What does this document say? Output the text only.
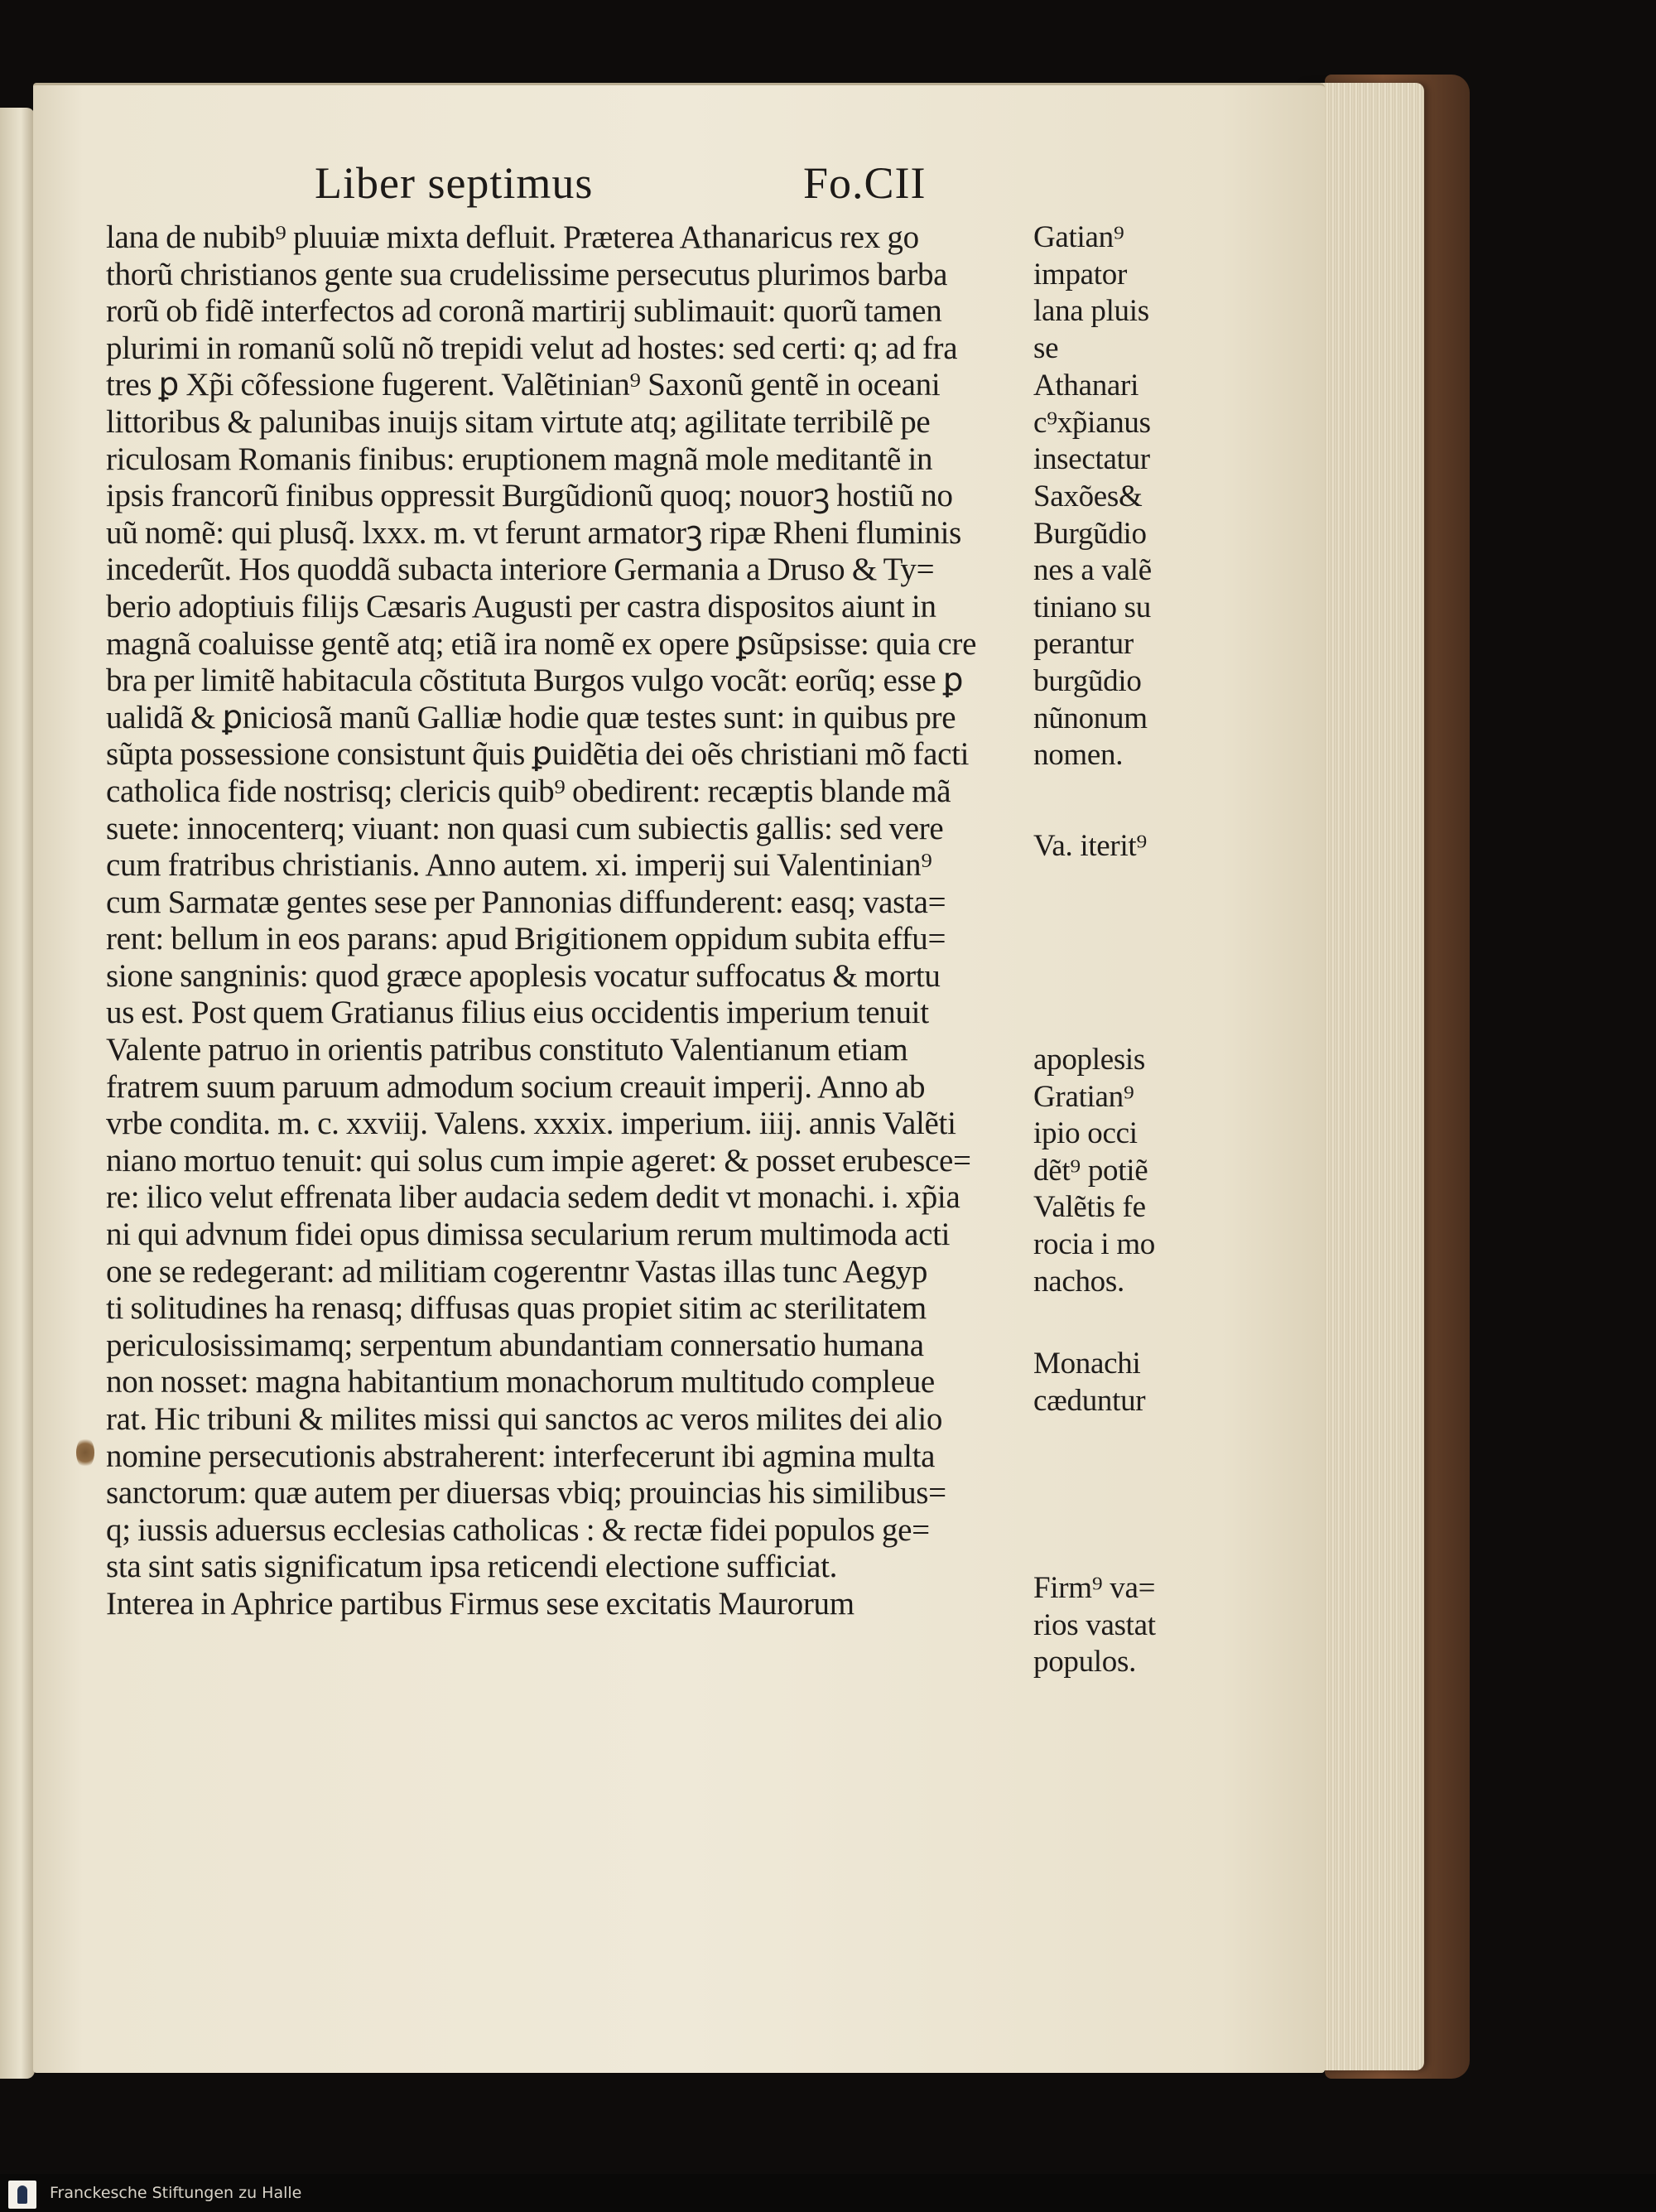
Liber septimus	Fo.CII
lana de nubib⁹ pluuiæ mixta defluit. Præterea Athanaricus rex go
thorũ christianos gente sua crudelissime persecutus plurimos barba
rorũ ob fidẽ interfectos ad coronã martirij sublimauit: quorũ tamen
plurimi in romanũ solũ nõ trepidi velut ad hostes: sed certi: q; ad fra
tres ꝑ Xp̃i cõfessione fugerent. Valẽtinian⁹ Saxonũ gentẽ in oceani
littoribus & palunibas inuijs sitam virtute atq; agilitate terribilẽ pe
riculosam Romanis finibus: eruptionem magnã mole meditantẽ in
ipsis francorũ finibus oppressit Burgũdionũ quoq; nouorꝫ hostiũ no
uũ nomẽ: qui plusq̃. lxxx. m. vt ferunt armatorꝫ ripæ Rheni fluminis
incederũt. Hos quoddã subacta interiore Germania a Druso & Ty=
berio adoptiuis filijs Cæsaris Augusti per castra dispositos aiunt in
magnã coaluisse gentẽ atq; etiã ira nomẽ ex opere ꝑsũpsisse: quia cre
bra per limitẽ habitacula cõstituta Burgos vulgo vocãt: eorũq; esse ꝑ
ualidã & ꝑniciosã manũ Galliæ hodie quæ testes sunt: in quibus pre
sũpta possessione consistunt q̃uis ꝑuidẽtia dei oẽs christiani mõ facti
catholica fide nostrisq; clericis quib⁹ obedirent: recæptis blande mã
suete: innocenterq; viuant: non quasi cum subiectis gallis: sed vere
cum fratribus christianis. Anno autem. xi. imperij sui Valentinian⁹
cum Sarmatæ gentes sese per Pannonias diffunderent: easq; vasta=
rent: bellum in eos parans: apud Brigitionem oppidum subita effu=
sione sangninis: quod græce apoplesis vocatur suffocatus & mortu
us est. Post quem Gratianus filius eius occidentis imperium tenuit
Valente patruo in orientis patribus constituto Valentianum etiam
fratrem suum paruum admodum socium creauit imperij. Anno ab
vrbe condita. m. c. xxviij. Valens. xxxix. imperium. iiij. annis Valẽti
niano mortuo tenuit: qui solus cum impie ageret: & posset erubesce=
re: ilico velut effrenata liber audacia sedem dedit vt monachi. i. xp̃ia
ni qui advnum fidei opus dimissa secularium rerum multimoda acti
one se redegerant: ad militiam cogerentnr Vastas illas tunc Aegyp
ti solitudines ha renasq; diffusas quas propiet sitim ac sterilitatem
periculosissimamq; serpentum abundantiam connersatio humana
non nosset: magna habitantium monachorum multitudo compleue
rat. Hic tribuni & milites missi qui sanctos ac veros milites dei alio
nomine persecutionis abstraherent: interfecerunt ibi agmina multa
sanctorum: quæ autem per diuersas vbiq; prouincias his similibus=
q; iussis aduersus ecclesias catholicas : & rectæ fidei populos ge=
sta sint satis significatum ipsa reticendi electione sufficiat.
Interea in Aphrice partibus Firmus sese excitatis Maurorum
Gatian⁹
impator
lana pluis
se
Athanari
c⁹xp̃ianus
insectatur
Saxões&
Burgũdio
nes a valẽ
tiniano su
perantur
burgũdio
nũnonum
nomen.
Va. iterit⁹
apoplesis
Gratian⁹
ipio occi
dẽt⁹ potiẽ
Valẽtis fe
rocia i mo
nachos.
Monachi
cæduntur
Firm⁹ va=
rios vastat
populos.
Franckesche Stiftungen zu Halle
